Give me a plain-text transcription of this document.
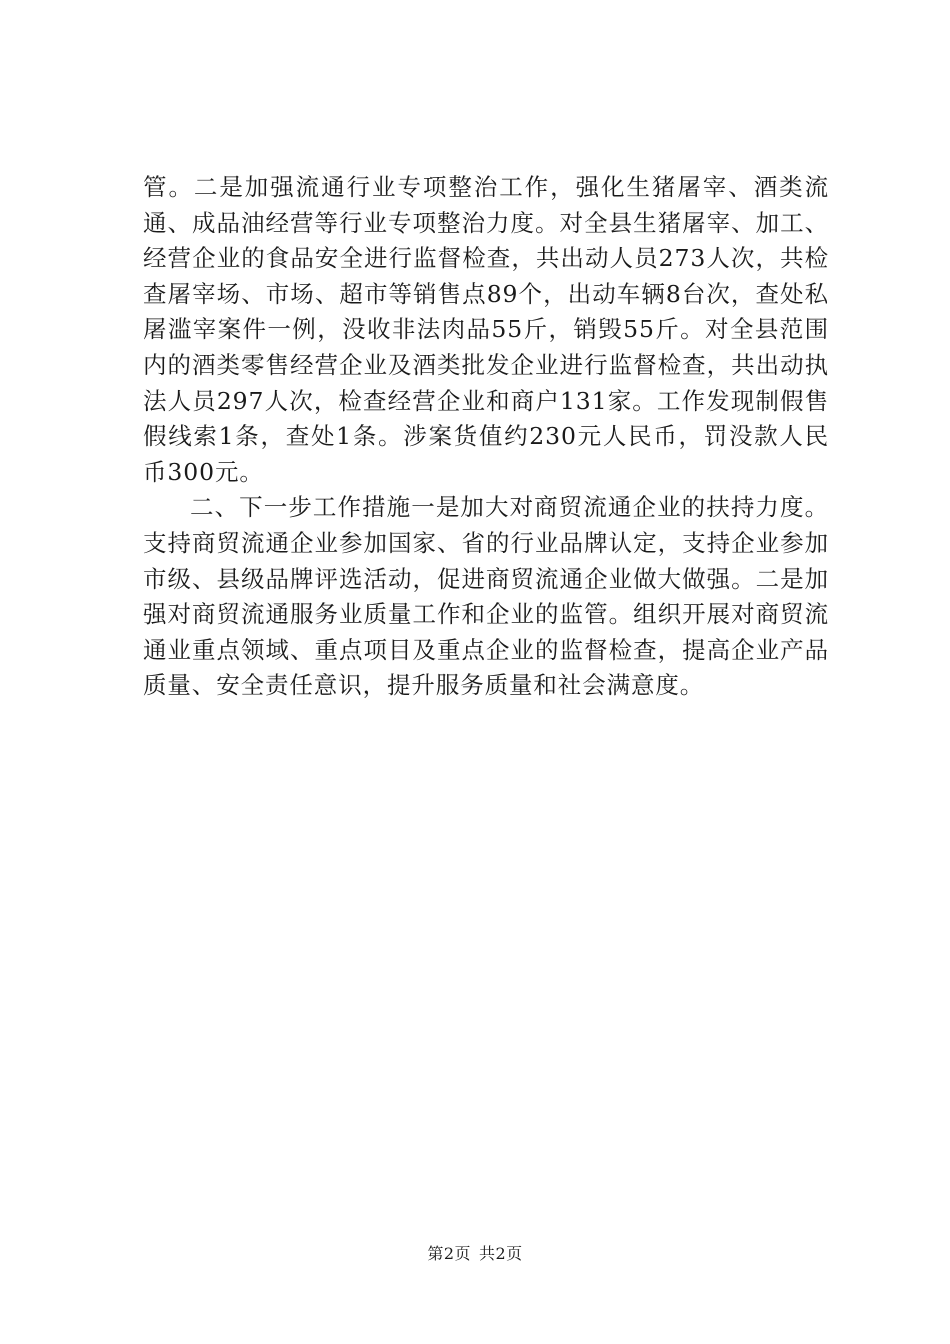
管。二是加强流通行业专项整治工作，强化生猪屠宰、酒类流通、成品油经营等行业专项整治力度。对全县生猪屠宰、加工、经营企业的食品安全进行监督检查，共出动人员273人次，共检查屠宰场、市场、超市等销售点89个，出动车辆8台次，查处私屠滥宰案件一例，没收非法肉品55斤，销毁55斤。对全县范围内的酒类零售经营企业及酒类批发企业进行监督检查，共出动执法人员297人次，检查经营企业和商户131家。工作发现制假售假线索1条，查处1条。涉案货值约230元人民币，罚没款人民币300元。

二、下一步工作措施一是加大对商贸流通企业的扶持力度。支持商贸流通企业参加国家、省的行业品牌认定，支持企业参加市级、县级品牌评选活动，促进商贸流通企业做大做强。二是加强对商贸流通服务业质量工作和企业的监管。组织开展对商贸流通业重点领域、重点项目及重点企业的监督检查，提高企业产品质量、安全责任意识，提升服务质量和社会满意度。

第2页 共2页
